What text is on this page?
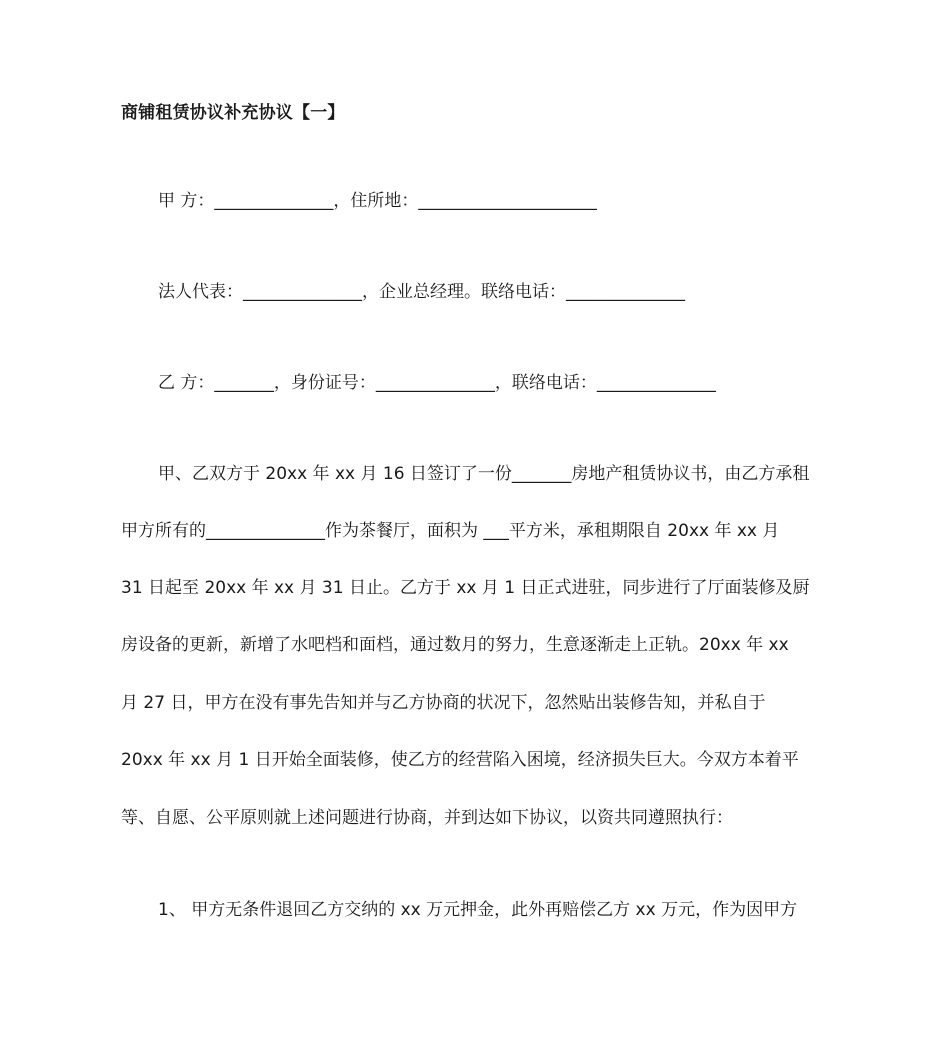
商铺租赁协议补充协议【一】
甲 方：______________，住所地：_____________________
法人代表：______________，企业总经理。联络电话：______________
乙 方：_______，身份证号：______________，联络电话：______________
甲、乙双方于 20xx 年 xx 月 16 日签订了一份_______房地产租赁协议书，由乙方承租
甲方所有的______________作为茶餐厅，面积为 ___平方米，承租期限自 20xx 年 xx 月
31 日起至 20xx 年 xx 月 31 日止。乙方于 xx 月 1 日正式进驻，同步进行了厅面装修及厨
房设备的更新，新增了水吧档和面档，通过数月的努力，生意逐渐走上正轨。20xx 年 xx
月 27 日，甲方在没有事先告知并与乙方协商的状况下，忽然贴出装修告知，并私自于
20xx 年 xx 月 1 日开始全面装修，使乙方的经营陷入困境，经济损失巨大。今双方本着平
等、自愿、公平原则就上述问题进行协商，并到达如下协议，以资共同遵照执行：
1、 甲方无条件退回乙方交纳的 xx 万元押金，此外再赔偿乙方 xx 万元，作为因甲方
